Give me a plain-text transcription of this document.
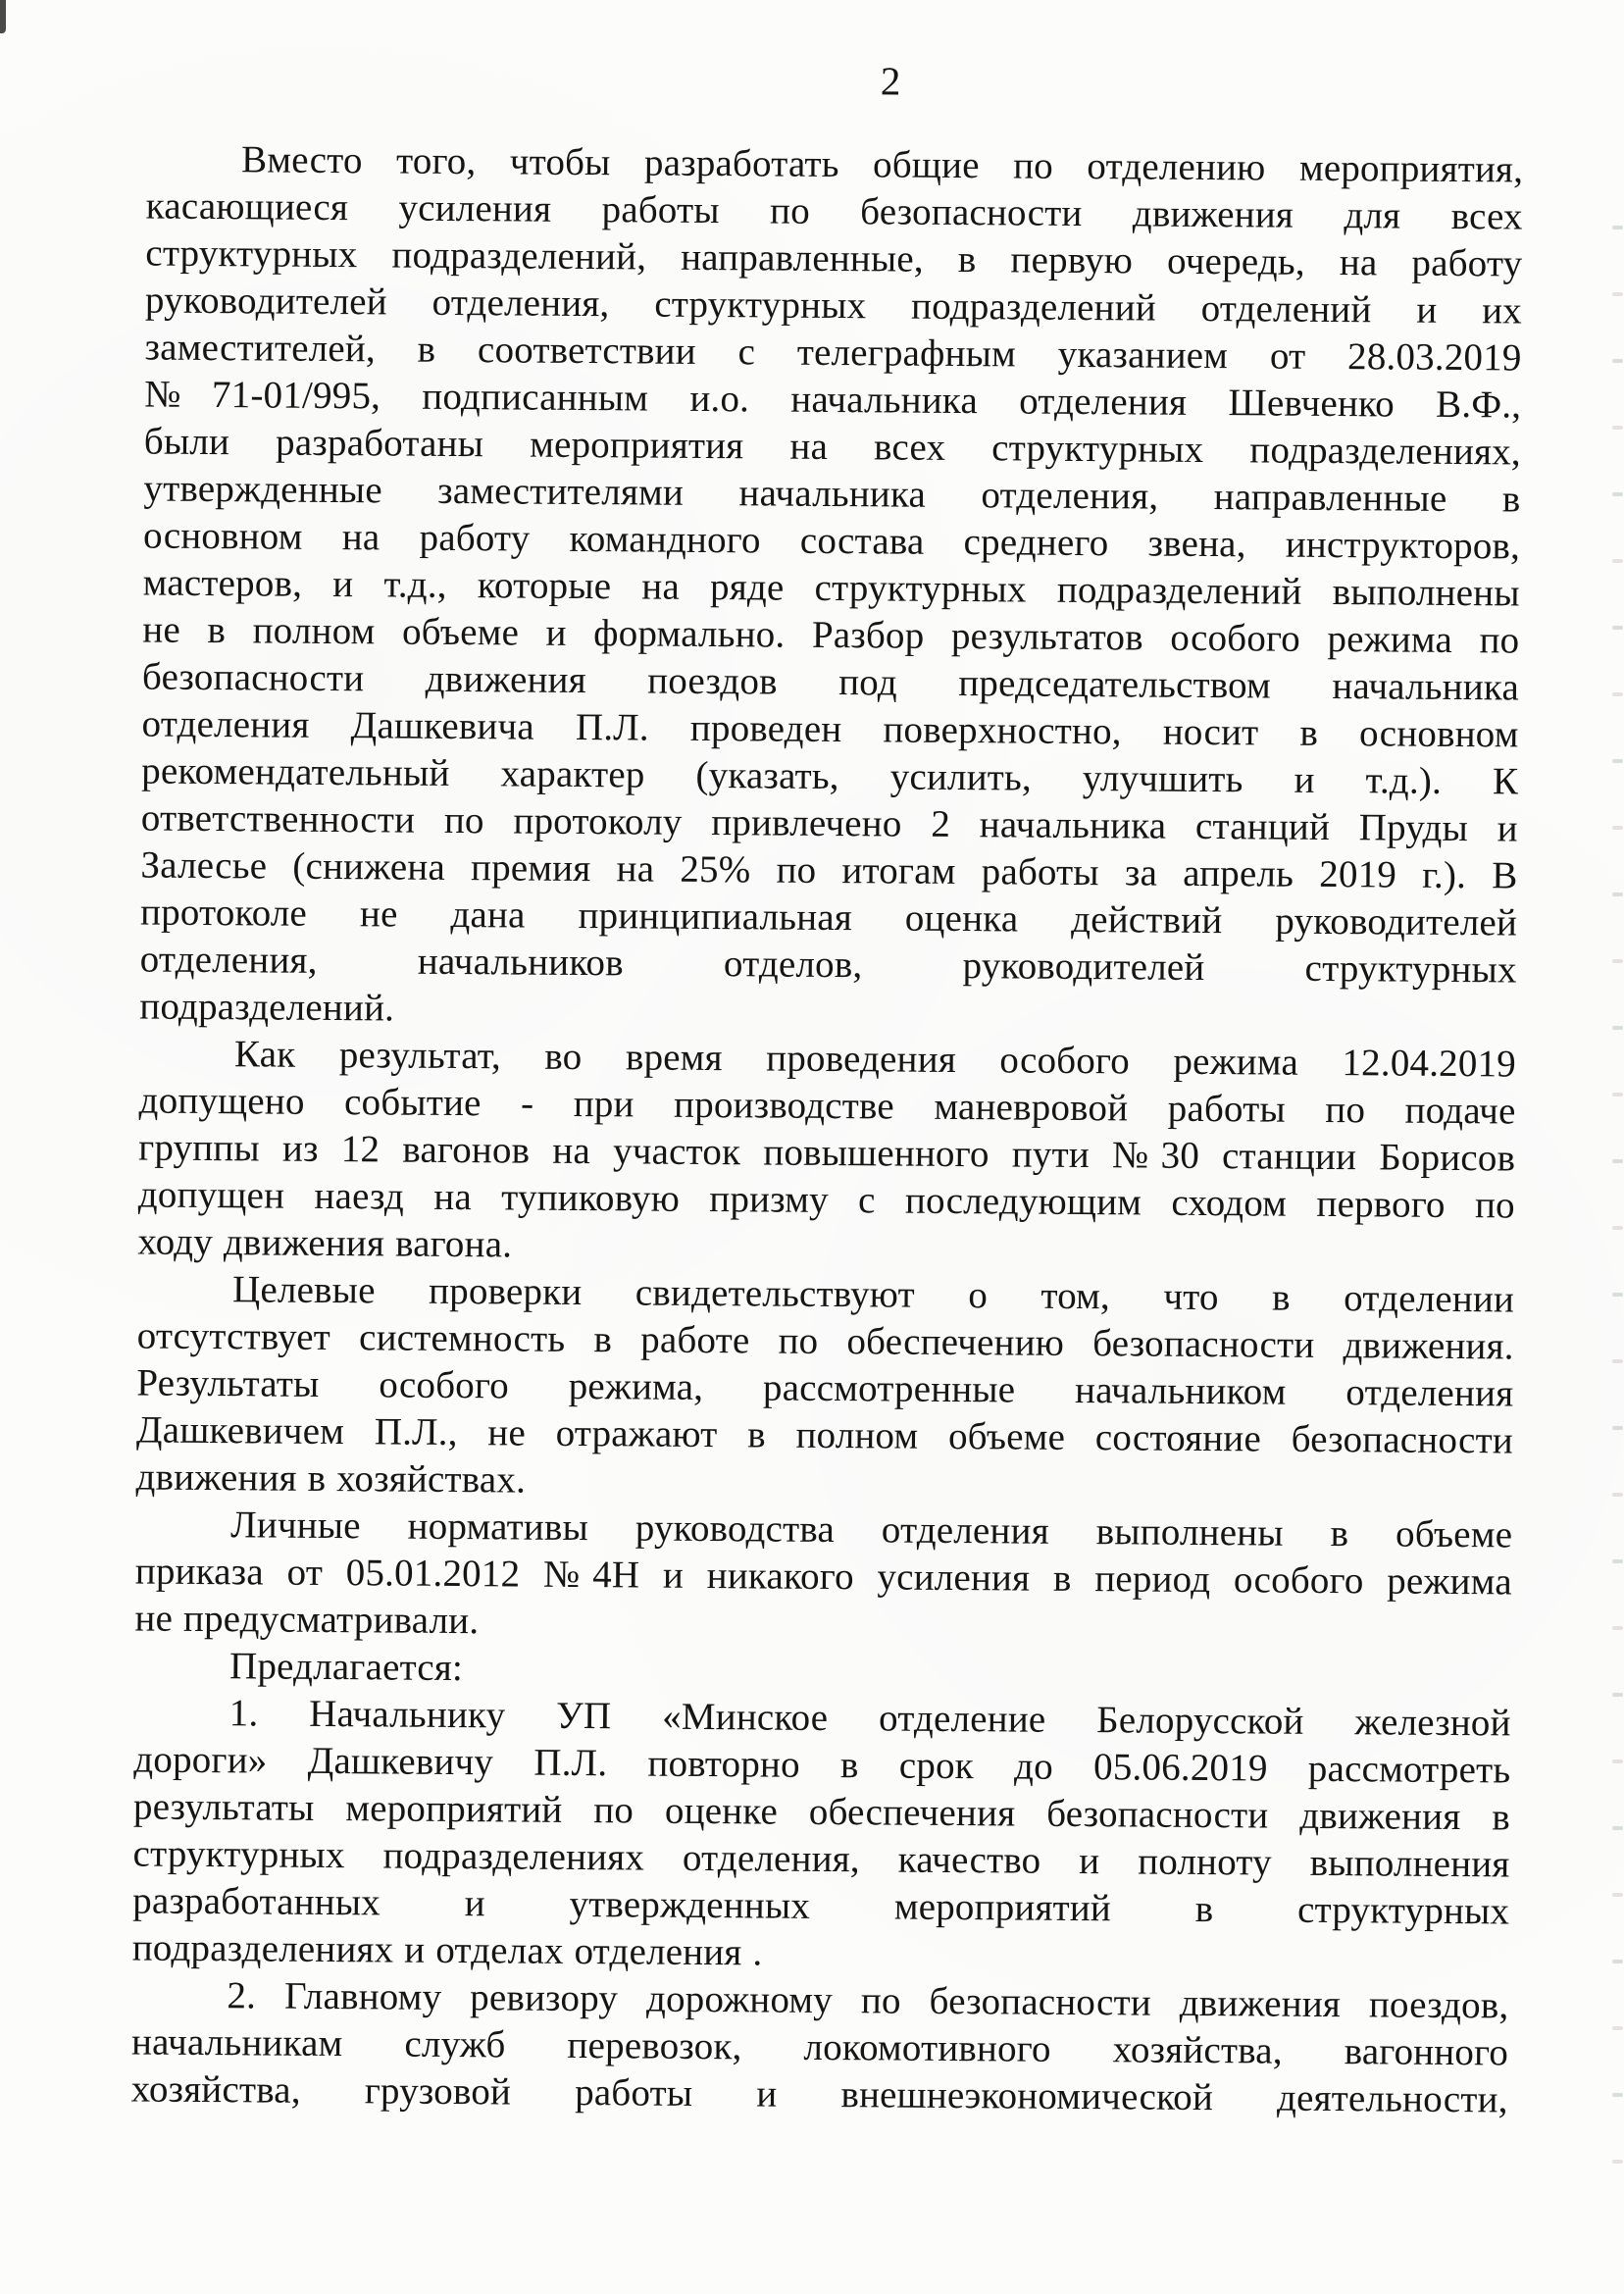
2
Вместо того, чтобы разработать общие по отделению мероприятия,
касающиеся усиления работы по безопасности движения для всех
структурных подразделений, направленные, в первую очередь, на работу
руководителей отделения, структурных подразделений отделений и их
заместителей, в соответствии с телеграфным указанием от 28.03.2019
№71-01/995, подписанным и.о. начальника отделения Шевченко В.Ф.,
были разработаны мероприятия на всех структурных подразделениях,
утвержденные заместителями начальника отделения, направленные в
основном на работу командного состава среднего звена, инструкторов,
мастеров, и т.д., которые на ряде структурных подразделений выполнены
не в полном объеме и формально. Разбор результатов особого режима по
безопасности движения поездов под председательством начальника
отделения Дашкевича П.Л. проведен поверхностно, носит в основном
рекомендательный характер (указать, усилить, улучшить и т.д.). К
ответственности по протоколу привлечено 2 начальника станций Пруды и
Залесье (снижена премия на 25% по итогам работы за апрель 2019 г.). В
протоколе не дана принципиальная оценка действий руководителей
отделения, начальников отделов, руководителей структурных
подразделений.
Как результат, во время проведения особого режима 12.04.2019
допущено событие - при производстве маневровой работы по подаче
группы из 12 вагонов на участок повышенного пути №30 станции Борисов
допущен наезд на тупиковую призму с последующим сходом первого по
ходу движения вагона.
Целевые проверки свидетельствуют о том, что в отделении
отсутствует системность в работе по обеспечению безопасности движения.
Результаты особого режима, рассмотренные начальником отделения
Дашкевичем П.Л., не отражают в полном объеме состояние безопасности
движения в хозяйствах.
Личные нормативы руководства отделения выполнены в объеме
приказа от 05.01.2012 №4Н и никакого усиления в период особого режима
не предусматривали.
Предлагается:
1. Начальнику УП «Минское отделение Белорусской железной
дороги» Дашкевичу П.Л. повторно в срок до 05.06.2019 рассмотреть
результаты мероприятий по оценке обеспечения безопасности движения в
структурных подразделениях отделения, качество и полноту выполнения
разработанных и утвержденных мероприятий в структурных
подразделениях и отделах отделения .
2. Главному ревизору дорожному по безопасности движения поездов,
начальникам служб перевозок, локомотивного хозяйства, вагонного
хозяйства, грузовой работы и внешнеэкономической деятельности,
